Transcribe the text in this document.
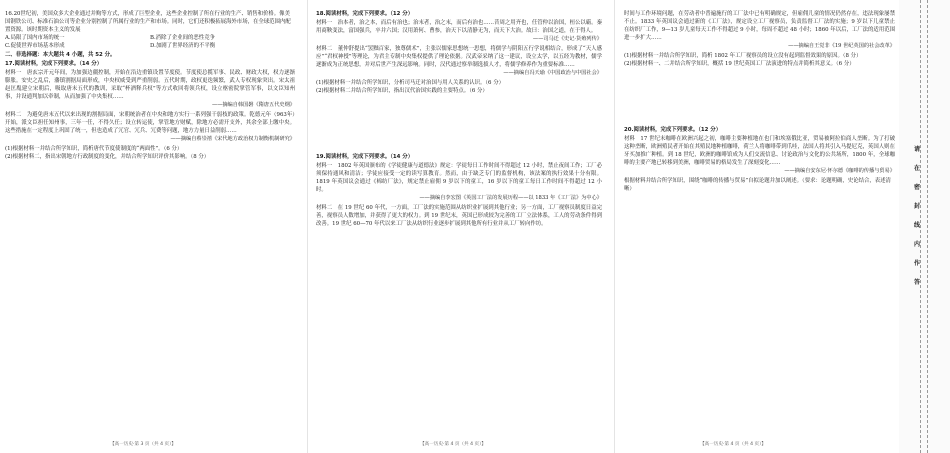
16.20世纪初，美国众多大企业通过并购等方式，形成了巨型企业，这些企业控制了所在行业的生产、销售和价格。像美国钢铁公司、标准石油公司等企业分别控制了所属行业的生产和市场。同时，它们还积极拓展海外市场，在全球范围内配置资源。该时期资本主义的发展

A.局限了国内市场的统一	B.消除了企业间的恶性竞争
C.促使世界市场基本形成	D.加剧了世界经济的不平衡

二、非选择题：本大题共 4 小题，共 52 分。

17.阅读材料，完成下列要求。（14 分）

材料一　唐玄宗开元年间，为加强边疆控制，开始在沿边重镇设置节度使。节度使总揽军事、民政、财政大权，权力逐渐膨胀。安史之乱后，藩镇割据局面形成，中央权威受到严重削弱。五代时期，政权更迭频繁，武人专权现象突出。宋太祖赵匡胤建立宋朝后，吸取唐末五代的教训，采取“杯酒释兵权”等方式收回将领兵权，设立枢密院掌管军事，以文臣知州事，并设通判加以牵制，从而加强了中央集权……

——摘编自韩国磐《隋唐五代史纲》

材料二　为避免唐末五代以来出现的割据局面，宋朝统治者在中央和地方实行一系列强干弱枝的政策。乾德元年（963年）开始，派文臣担任知州事，三年一任，不得久任；设立转运使，掌管地方财赋，除地方必需开支外，其余全部上缴中央。这些措施在一定程度上巩固了统一，但也造成了冗官、冗兵、冗费等问题，地方力量日益削弱……

——摘编自蔡崇禧《宋代地方政治权力制衡机制研究》

(1)根据材料一并结合所学知识，简析唐代节度使制度的“两面性”。（6 分）

(2)根据材料二，指出宋朝地方行政制度的变化，并结合所学知识评价其影响。（8 分）

18.阅读材料，完成下列要求。（12 分）

材料一　治本者，治之本，而后有治也；治末者，治之末，而后有治也……昔周之用齐也，任管仲以治国，桓公以霸。秦用商鞅变法，富国强兵，卒并六国；汉用萧何、曹参，治天下以清静无为，而天下大治。故曰：治国之道，在于得人。

——司马迁《史记·货殖列传》

材料二　董仲舒提出“罢黜百家，独尊儒术”，主张以儒家思想统一思想，将儒学与阴阳五行学说相结合，形成了“天人感应”“君权神授”等理论，为君主专制中央集权提供了理论依据。汉武帝采纳了这一建议，设立太学，以五经为教材，儒学逐渐成为正统思想，并对后世产生深远影响。同时，汉代通过察举制选拔人才，将儒学修养作为重要标准……

——摘编自冯天瑜《中国政治与中国社会》

(1)根据材料一并结合所学知识，分析司马迁对治国与用人关系的认识。（6 分）

(2)根据材料二并结合所学知识，指出汉代治国实践的主要特点。（6 分）

19.阅读材料，完成下列要求。（14 分）

材料一　1802 年英国颁布的《学徒健康与道德法》规定：学徒每日工作时间不得超过 12 小时，禁止夜间工作；工厂必须保持通风和清洁；学徒应接受一定的读写算教育。然而，由于缺乏专门的监督机构，该法案的执行效果十分有限。1819 年英国议会通过《棉纺厂法》，规定禁止雇佣 9 岁以下的童工，16 岁以下的童工每日工作时间不得超过 12 小时。

——摘编自李宏图《英国工厂法的发展历程——以 1833 年《工厂法》为中心》

材料二　在 19 世纪 60 年代，一方面，工厂法的实施范围从纺织业扩展到其他行业；另一方面，工厂视察员制度日益完善，视察员人数增加，并获得了更大的权力。到 19 世纪末，英国已形成较为完善的工厂立法体系，工人的劳动条件得到改善。19 世纪 60—70 年代以来工厂法从纺织行业逐步扩展到其他所有行业并从工厂转向作坊。

时间与工作环境问题，在劳动者中普遍施行的工厂法中已有明确规定，但雇佣儿童的情况仍然存在，违法现象屡禁不止。1833 年英国议会通过新的《工厂法》，规定设立工厂视察员，负责监督工厂法的实施；9 岁以下儿童禁止在纺织厂工作，9—13 岁儿童每天工作不得超过 9 小时，每周不超过 48 小时；1860 年以后，工厂法的适用范围进一步扩大……

——摘编自王觉非《19 世纪英国的社会改革》

(1)根据材料一并结合所学知识，简析 1802 年工厂视察员的设立没有起到监督效果的原因。（8 分）

(2)根据材料一、二并结合所学知识，概括 19 世纪英国工厂法演进的特点并简析其意义。（6 分）

20.阅读材料，完成下列要求。（12 分）

材料　17 世纪末咖啡在欧洲兴起之初，咖啡主要种植地在也门和埃塞俄比亚，贸易被阿拉伯商人垄断。为了打破这种垄断，欧洲殖民者开始在其殖民地种植咖啡，荷兰人将咖啡带到爪哇，法国人将其引入马提尼克，英国人则在牙买加推广种植。到 18 世纪，欧洲的咖啡馆成为人们交流信息、讨论政治与文化的公共场所，1800 年，全球咖啡的主要产地已转移到美洲，咖啡贸易的格局发生了深刻变化……

——摘编自安东尼·怀尔德《咖啡的传播与贸易》

根据材料并结合所学知识，围绕“咖啡的传播与贸易”自拟论题并加以阐述。（要求：论题明确，史论结合，表述清晰）

【高一历史·第 3 页（共 4 页）】	【高一历史·第 4 页（共 4 页）】	【高一历史·第 4 页（共 4 页）】
请在密封线内作答
